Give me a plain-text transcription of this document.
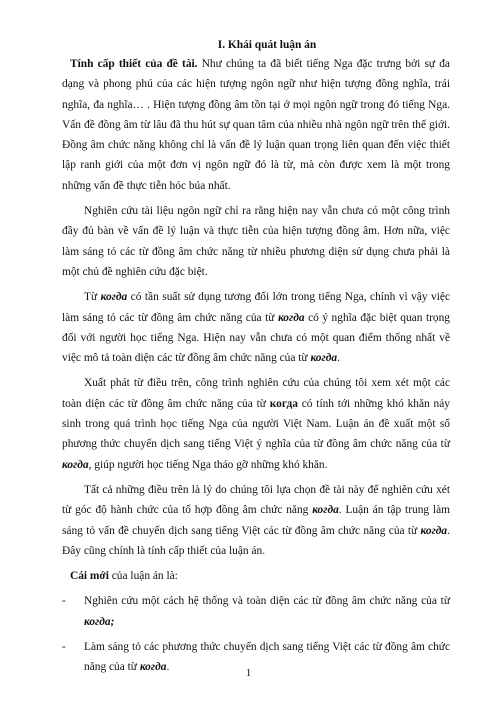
I. Khái quát luận án

Tính cấp thiết của đề tài. Như chúng ta đã biết tiếng Nga đặc trưng bởi sự đa dạng và phong phú của các hiện tượng ngôn ngữ như hiện tượng đồng nghĩa, trái nghĩa, đa nghĩa… . Hiện tượng đồng âm tồn tại ở mọi ngôn ngữ trong đó tiếng Nga. Vấn đề đồng âm từ lâu đã thu hút sự quan tâm của nhiều nhà ngôn ngữ trên thế giới. Đồng âm chức năng không chỉ là vấn đề lý luận quan trọng liên quan đến việc thiết lập ranh giới của một đơn vị ngôn ngữ đó là từ, mà còn được xem là một trong những vấn đề thực tiễn hóc búa nhất.

Nghiên cứu tài liệu ngôn ngữ chỉ ra rằng hiện nay vẫn chưa có một công trình đầy đủ bàn về vấn đề lý luận và thực tiễn của hiện tượng đồng âm. Hơn nữa, việc làm sáng tỏ các từ đồng âm chức năng từ nhiều phương diện sử dụng chưa phải là một chủ đề nghiên cứu đặc biệt.

Từ когда có tần suất sử dụng tương đối lớn trong tiếng Nga, chính vì vậy việc làm sáng tỏ các từ đồng âm chức năng của từ когда có ý nghĩa đặc biệt quan trọng đối với người học tiếng Nga. Hiện nay vẫn chưa có một quan điểm thống nhất về việc mô tả toàn diện các từ đồng âm chức năng của từ когда.

Xuất phát từ điều trên, công trình nghiên cứu của chúng tôi xem xét một các toàn diện các từ đồng âm chức năng của từ когда có tính tới những khó khăn nảy sinh trong quá trình học tiếng Nga của người Việt Nam. Luận án đề xuất một số phương thức chuyển dịch sang tiếng Việt ý nghĩa của từ đồng âm chức năng của từ когда, giúp người học tiếng Nga tháo gỡ những khó khăn.

Tất cả những điều trên là lý do chúng tôi lựa chọn đề tài này để nghiên cứu xét từ góc độ hành chức của tổ hợp đồng âm chức năng когда. Luận án tập trung làm sáng tỏ vấn đề chuyển dịch sang tiếng Việt các từ đồng âm chức năng của từ когда. Đây cũng chính là tính cấp thiết của luận án.

Cái mới của luận án là:

- Nghiên cứu một cách hệ thống và toàn diện các từ đồng âm chức năng của từ когда;
- Làm sáng tỏ các phương thức chuyển dịch sang tiếng Việt các từ đồng âm chức năng của từ когда.	1
